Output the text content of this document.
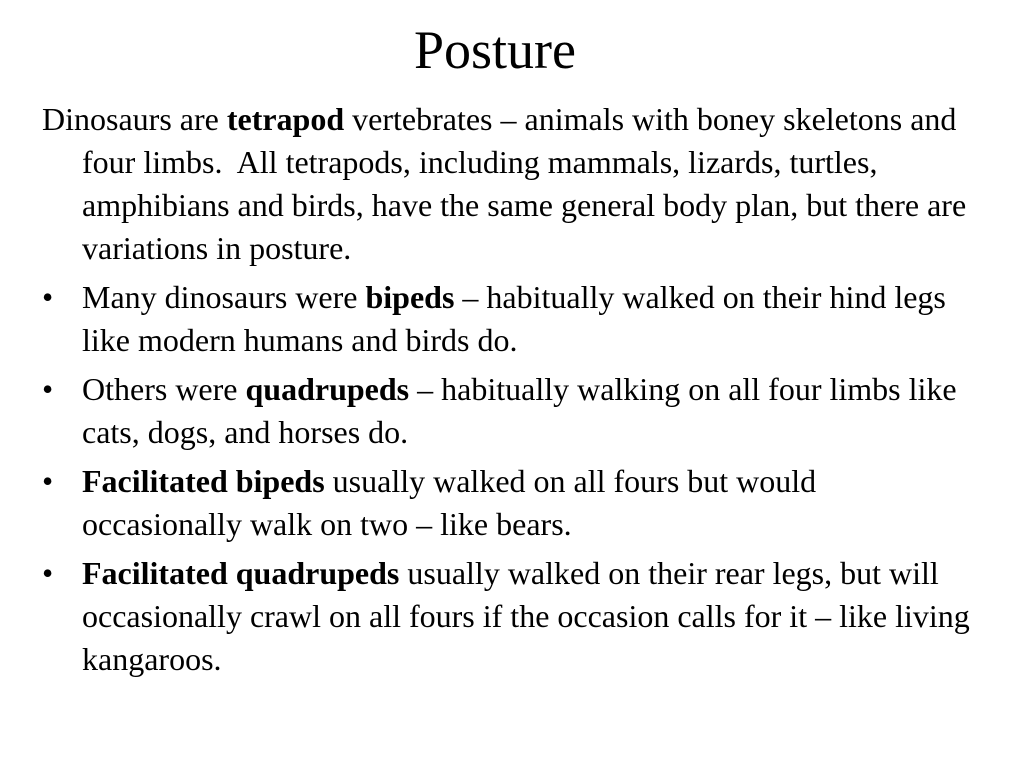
Posture

Dinosaurs are tetrapod vertebrates – animals with boney skeletons and four limbs.  All tetrapods, including mammals, lizards, turtles, amphibians and birds, have the same general body plan, but there are variations in posture.

• Many dinosaurs were bipeds – habitually walked on their hind legs like modern humans and birds do.
• Others were quadrupeds – habitually walking on all four limbs like cats, dogs, and horses do.
• Facilitated bipeds usually walked on all fours but would occasionally walk on two – like bears.
• Facilitated quadrupeds usually walked on their rear legs, but will occasionally crawl on all fours if the occasion calls for it – like living kangaroos.
